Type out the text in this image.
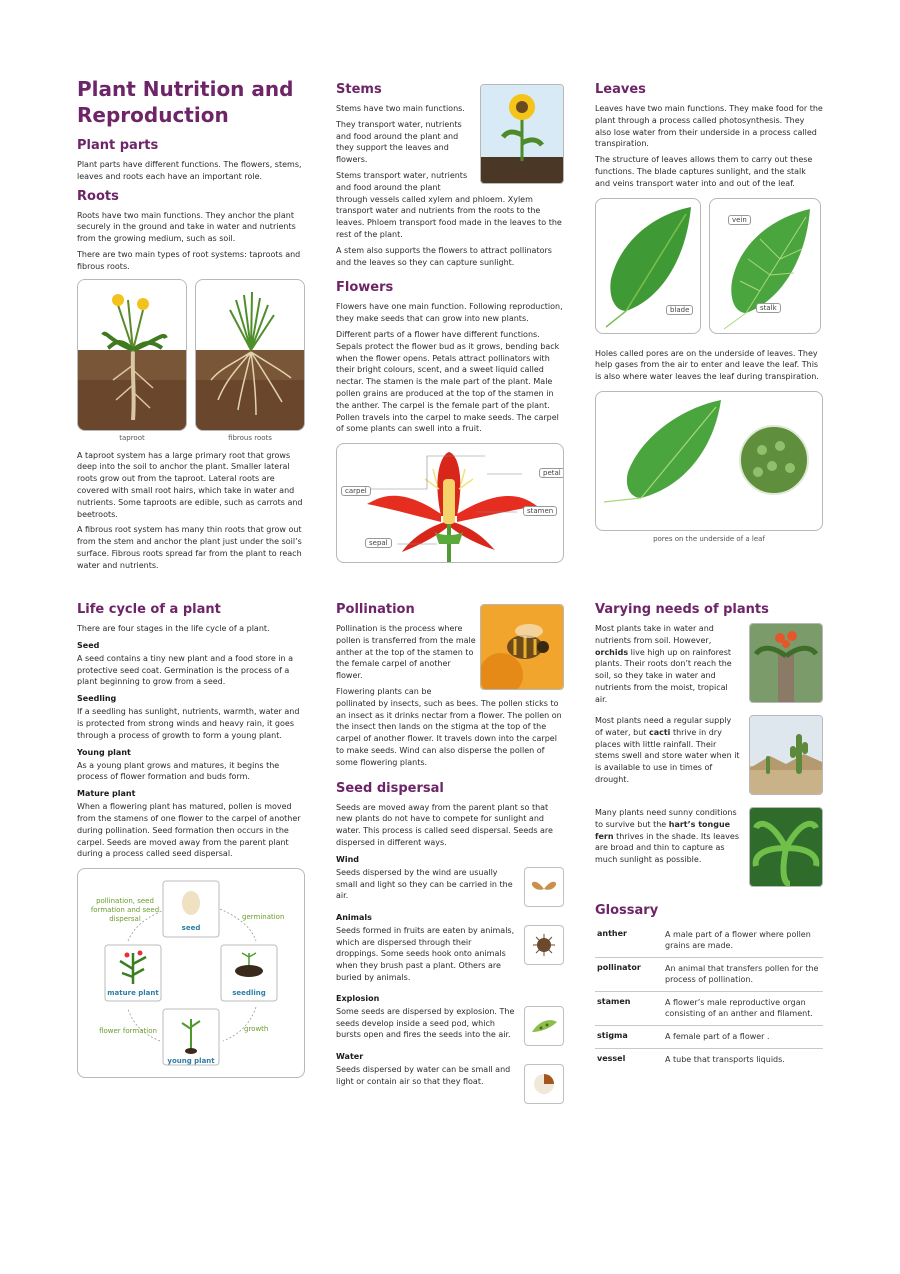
Plant Nutrition and Reproduction
Plant parts

Plant parts have different functions. The flowers, stems, leaves and roots each have an important role.

Roots

Roots have two main functions. They anchor the plant securely in the ground and take in water and nutrients from the growing medium, such as soil.

There are two main types of root systems: taproots and fibrous roots.

taproot	fibrous roots

A taproot system has a large primary root that grows deep into the soil to anchor the plant. Smaller lateral roots grow out from the taproot. Lateral roots are covered with small root hairs, which take in water and nutrients. Some taproots are edible, such as carrots and beetroots.

A fibrous root system has many thin roots that grow out from the stem and anchor the plant just under the soil’s surface. Fibrous roots spread far from the plant to reach water and nutrients.

Stems

Stems have two main functions.

They transport water, nutrients and food around the plant and they support the leaves and flowers.

Stems transport water, nutrients and food around the plant

through vessels called xylem and phloem. Xylem transport water and nutrients from the roots to the leaves. Phloem transport food made in the leaves to the rest of the plant.

A stem also supports the flowers to attract pollinators and the leaves so they can capture sunlight.

Flowers

Flowers have one main function. Following reproduction, they make seeds that can grow into new plants.

Different parts of a flower have different functions. Sepals protect the flower bud as it grows, bending back when the flower opens. Petals attract pollinators with their bright colours, scent, and a sweet liquid called nectar. The stamen is the male part of the plant. Male pollen grains are produced at the top of the stamen in the anther. The carpel is the female part of the plant. Pollen travels into the carpel to make seeds. The carpel of some plants can swell into a fruit.

petal
carpel
stamen
sepal
Leaves

Leaves have two main functions. They make food for the plant through a process called photosynthesis. They also lose water from their underside in a process called transpiration.

The structure of leaves allows them to carry out these functions. The blade captures sunlight, and the stalk and veins transport water into and out of the leaf.

blade
vein
stalk

Holes called pores are on the underside of leaves. They help gases from the air to enter and leave the leaf. This is also where water leaves the leaf during transpiration.

pores on the underside of a leaf
Life cycle of a plant

There are four stages in the life cycle of a plant.

Seed

A seed contains a tiny new plant and a food store in a protective seed coat. Germination is the process of a plant beginning to grow from a seed.

Seedling

If a seedling has sunlight, nutrients, warmth, water and is protected from strong winds and heavy rain, it goes through a process of growth to form a young plant.

Young plant

As a young plant grows and matures, it begins the process of flower formation and buds form.

Mature plant

When a flowering plant has matured, pollen is moved from the stamens of one flower to the carpel of another during pollination. Seed formation then occurs in the carpel. Seeds are moved away from the parent plant during a process called seed dispersal.

seed
seedling
young plant
mature plant
germination
growth
flower formation
pollination, seed formation and seed dispersal
Pollination

Pollination is the process where pollen is transferred from the male anther at the top of the stamen to the female carpel of another flower.

Flowering plants can be

pollinated by insects, such as bees. The pollen sticks to an insect as it drinks nectar from a flower. The pollen on the insect then lands on the stigma at the top of the carpel of another flower. It travels down into the carpel to make seeds. Wind can also disperse the pollen of some flowering plants.

Seed dispersal

Seeds are moved away from the parent plant so that new plants do not have to compete for sunlight and water. This process is called seed dispersal. Seeds are dispersed in different ways.

Wind

Seeds dispersed by the wind are usually small and light so they can be carried in the air.

Animals

Seeds formed in fruits are eaten by animals, which are dispersed through their droppings. Some seeds hook onto animals when they brush past a plant. Others are buried by animals.

Explosion

Some seeds are dispersed by explosion. The seeds develop inside a seed pod, which bursts open and fires the seeds into the air.

Water

Seeds dispersed by water can be small and light or contain air so that they float.

Varying needs of plants

Most plants take in water and nutrients from soil. However, orchids live high up on rainforest plants. Their roots don’t reach the soil, so they take in water and nutrients from the moist, tropical air.

Most plants need a regular supply of water, but cacti thrive in dry places with little rainfall. Their stems swell and store water when it is available to use in times of drought.

Many plants need sunny conditions to survive but the hart’s tongue fern thrives in the shade. Its leaves are broad and thin to capture as much sunlight as possible.

Glossary
anther	A male part of a flower where pollen grains are made.
pollinator	An animal that transfers pollen for the process of pollination.
stamen	A flower’s male reproductive organ consisting of an anther and filament.
stigma	A female part of a flower .
vessel	A tube that transports liquids.
